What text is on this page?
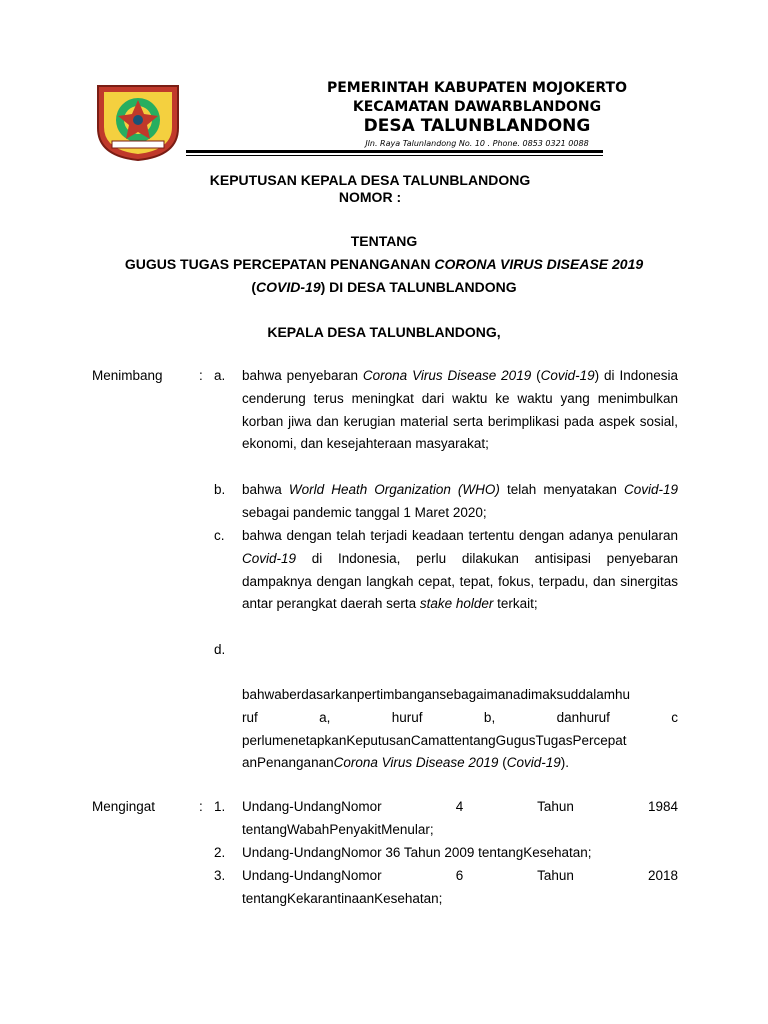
PEMERINTAH KABUPATEN MOJOKERTO
KECAMATAN DAWARBLANDONG
DESA TALUNBLANDONG
Jln. Raya Talunlandong No. 10 . Phone. 0853 0321 0088
KEPUTUSAN KEPALA DESA TALUNBLANDONG
NOMOR :
TENTANG
GUGUS TUGAS PERCEPATAN PENANGANAN CORONA VIRUS DISEASE 2019
(COVID-19) DI DESA TALUNBLANDONG
KEPALA DESA TALUNBLANDONG,
Menimbang	: a.	bahwa penyebaran Corona Virus Disease 2019 (Covid-19) di Indonesia cenderung terus meningkat dari waktu ke waktu yang menimbulkan korban jiwa dan kerugian material serta berimplikasi pada aspek sosial, ekonomi, dan kesejahteraan masyarakat;
b.	bahwa World Heath Organization (WHO) telah menyatakan Covid-19 sebagai pandemic tanggal 1 Maret 2020;
c.	bahwa dengan telah terjadi keadaan tertentu dengan adanya penularan Covid-19 di Indonesia, perlu dilakukan antisipasi penyebaran dampaknya dengan langkah cepat, tepat, fokus, terpadu, dan sinergitas antar perangkat daerah serta stake holder terkait;
d.
bahwaberdasarkanpertimbangansebagaimanadimaksuddalamhu
ruf a, huruf b, danhuruf c
perlumenetapkanKeputusanCamattentangGugusTugasPercepat
anPenangananCorona Virus Disease 2019 (Covid-19).
Mengingat	: 1.	Undang-UndangNomor 4 Tahun 1984
tentangWabahPenyakitMenular;
2.	Undang-UndangNomor 36 Tahun 2009 tentangKesehatan;
3.	Undang-UndangNomor 6 Tahun 2018
tentangKekarantinaanKesehatan;
